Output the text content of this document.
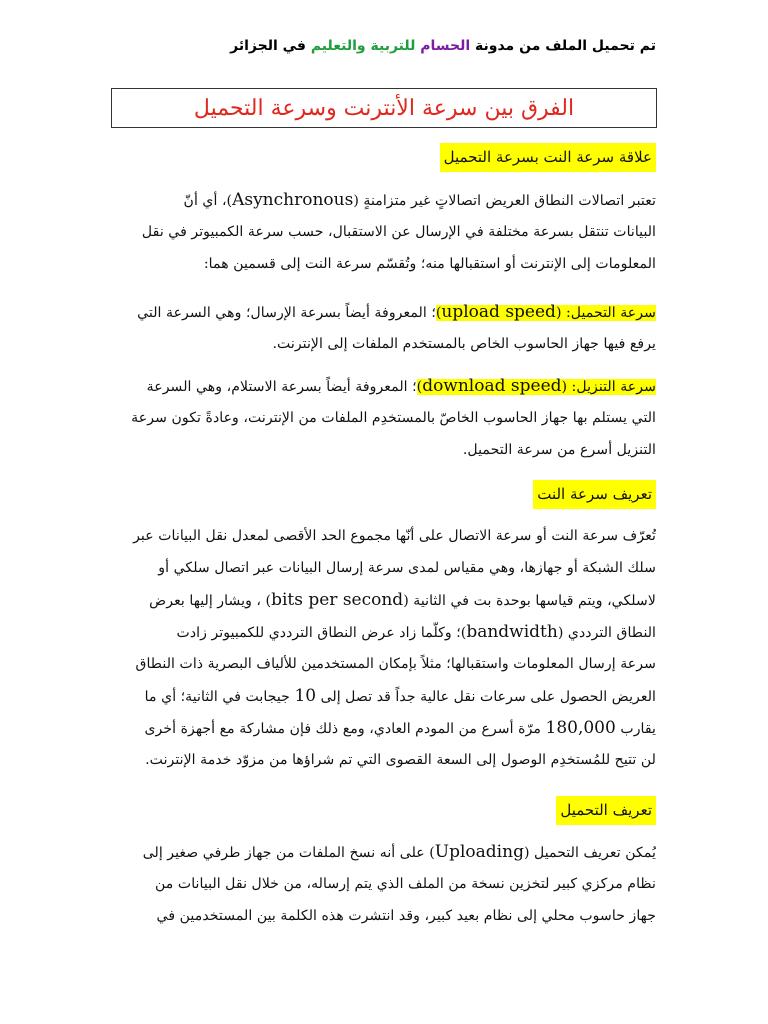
تم تحميل الملف من مدونة الحسام للتربية والتعليم في الجزائر
الفرق بين سرعة الأنترنت وسرعة التحميل
علاقة سرعة النت بسرعة التحميل
تعتبر اتصالات النطاق العريض اتصالاتٍ غير متزامنةٍ (Asynchronous)، أي أنّ
البيانات تنتقل بسرعة مختلفة في الإرسال عن الاستقبال، حسب سرعة الكمبيوتر في نقل
المعلومات إلى الإنترنت أو استقبالها منه؛ وتُقسّم سرعة النت إلى قسمين هما:
سرعة التحميل: (upload speed)؛ المعروفة أيضاً بسرعة الإرسال؛ وهي السرعة التي
يرفع فيها جهاز الحاسوب الخاص بالمستخدم الملفات إلى الإنترنت.
سرعة التنزيل: (download speed)؛ المعروفة أيضاً بسرعة الاستلام، وهي السرعة
التي يستلم بها جهاز الحاسوب الخاصّ بالمستخدِم الملفات من الإنترنت، وعادةً تكون سرعة
التنزيل أسرع من سرعة التحميل.
تعريف سرعة النت
تُعرّف سرعة النت أو سرعة الاتصال على أنّها مجموع الحد الأقصى لمعدل نقل البيانات عبر
سلك الشبكة أو جهازها، وهي مقياس لمدى سرعة إرسال البيانات عبر اتصال سلكي أو
لاسلكي، ويتم قياسها بوحدة بت في الثانية (bits per second) ، ويشار إليها بعرض
النطاق الترددي (bandwidth)؛ وكلّما زاد عرض النطاق الترددي للكمبيوتر زادت
سرعة إرسال المعلومات واستقبالها؛ مثلاً بإمكان المستخدمين للألياف البصرية ذات النطاق
العريض الحصول على سرعات نقل عالية جداً قد تصل إلى 10 جيجابت في الثانية؛ أي ما
يقارب 180,000 مرّة أسرع من المودم العادي، ومع ذلك فإن مشاركة مع أجهزة أخرى
لن تتيح للمُستخدِم الوصول إلى السعة القصوى التي تم شراؤها من مزوّد خدمة الإنترنت.
تعريف التحميل
يُمكن تعريف التحميل (Uploading) على أنه نسخ الملفات من جهاز طرفي صغير إلى
نظام مركزي كبير لتخزين نسخة من الملف الذي يتم إرساله، من خلال نقل البيانات من
جهاز حاسوب محلي إلى نظام بعيد كبير، وقد انتشرت هذه الكلمة بين المستخدمين في
